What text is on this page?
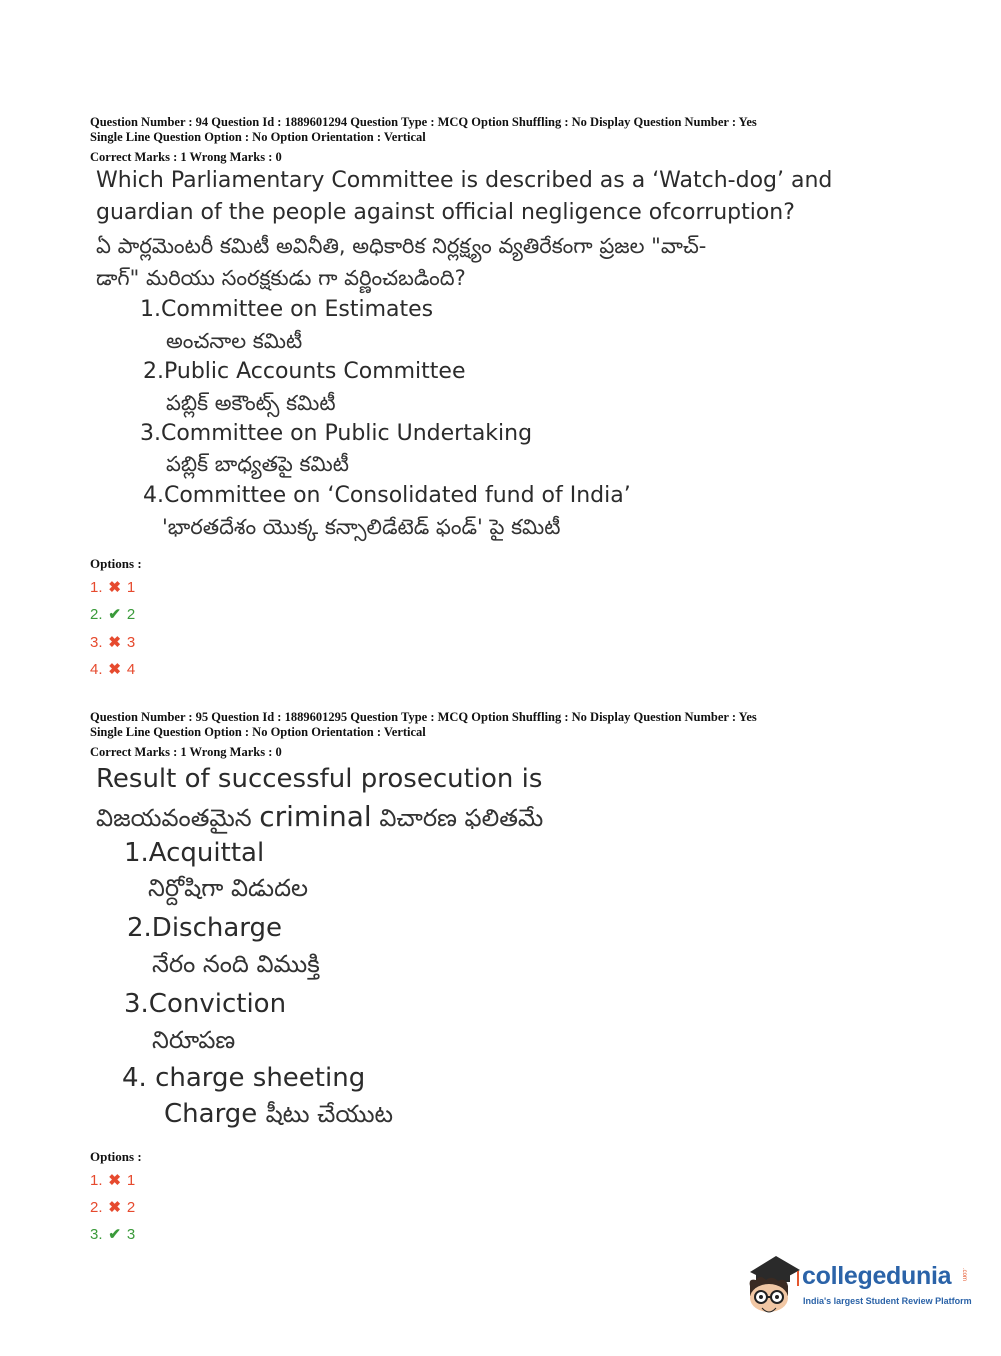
Question Number : 94 Question Id : 1889601294 Question Type : MCQ Option Shuffling : No Display Question Number : Yes
Single Line Question Option : No Option Orientation : Vertical
Correct Marks : 1 Wrong Marks : 0
Which Parliamentary Committee is described as a ‘Watch-dog’ and
guardian of the people against official negligence ofcorruption?
ఏ పార్లమెంటరీ కమిటీ అవినీతి, అధికారిక నిర్లక్ష్యం వ్యతిరేకంగా ప్రజల "వాచ్-
డాగ్" మరియు సంరక్షకుడు గా వర్ణించబడింది?
1.Committee on Estimates
అంచనాల కమిటీ
2.Public Accounts Committee
పబ్లిక్ అకౌంట్స్ కమిటీ
3.Committee on Public Undertaking
పబ్లిక్ బాధ్యతపై కమిటీ
4.Committee on ‘Consolidated fund of India’
'భారతదేశం యొక్క కన్సాలిడేటెడ్ ఫండ్' పై కమిటీ
Options :
1. ✖ 1
2. ✔ 2
3. ✖ 3
4. ✖ 4
Question Number : 95 Question Id : 1889601295 Question Type : MCQ Option Shuffling : No Display Question Number : Yes
Single Line Question Option : No Option Orientation : Vertical
Correct Marks : 1 Wrong Marks : 0
Result of successful prosecution is
విజయవంతమైన criminal విచారణ ఫలితమే
1.Acquittal
నిర్దోషిగా విడుదల
2.Discharge
నేరం నంది విముక్తి
3.Conviction
నిరూపణ
4. charge sheeting
Charge షీటు చేయుట
Options :
1. ✖ 1
2. ✖ 2
3. ✔ 3
collegedunia .com
India's largest Student Review Platform
